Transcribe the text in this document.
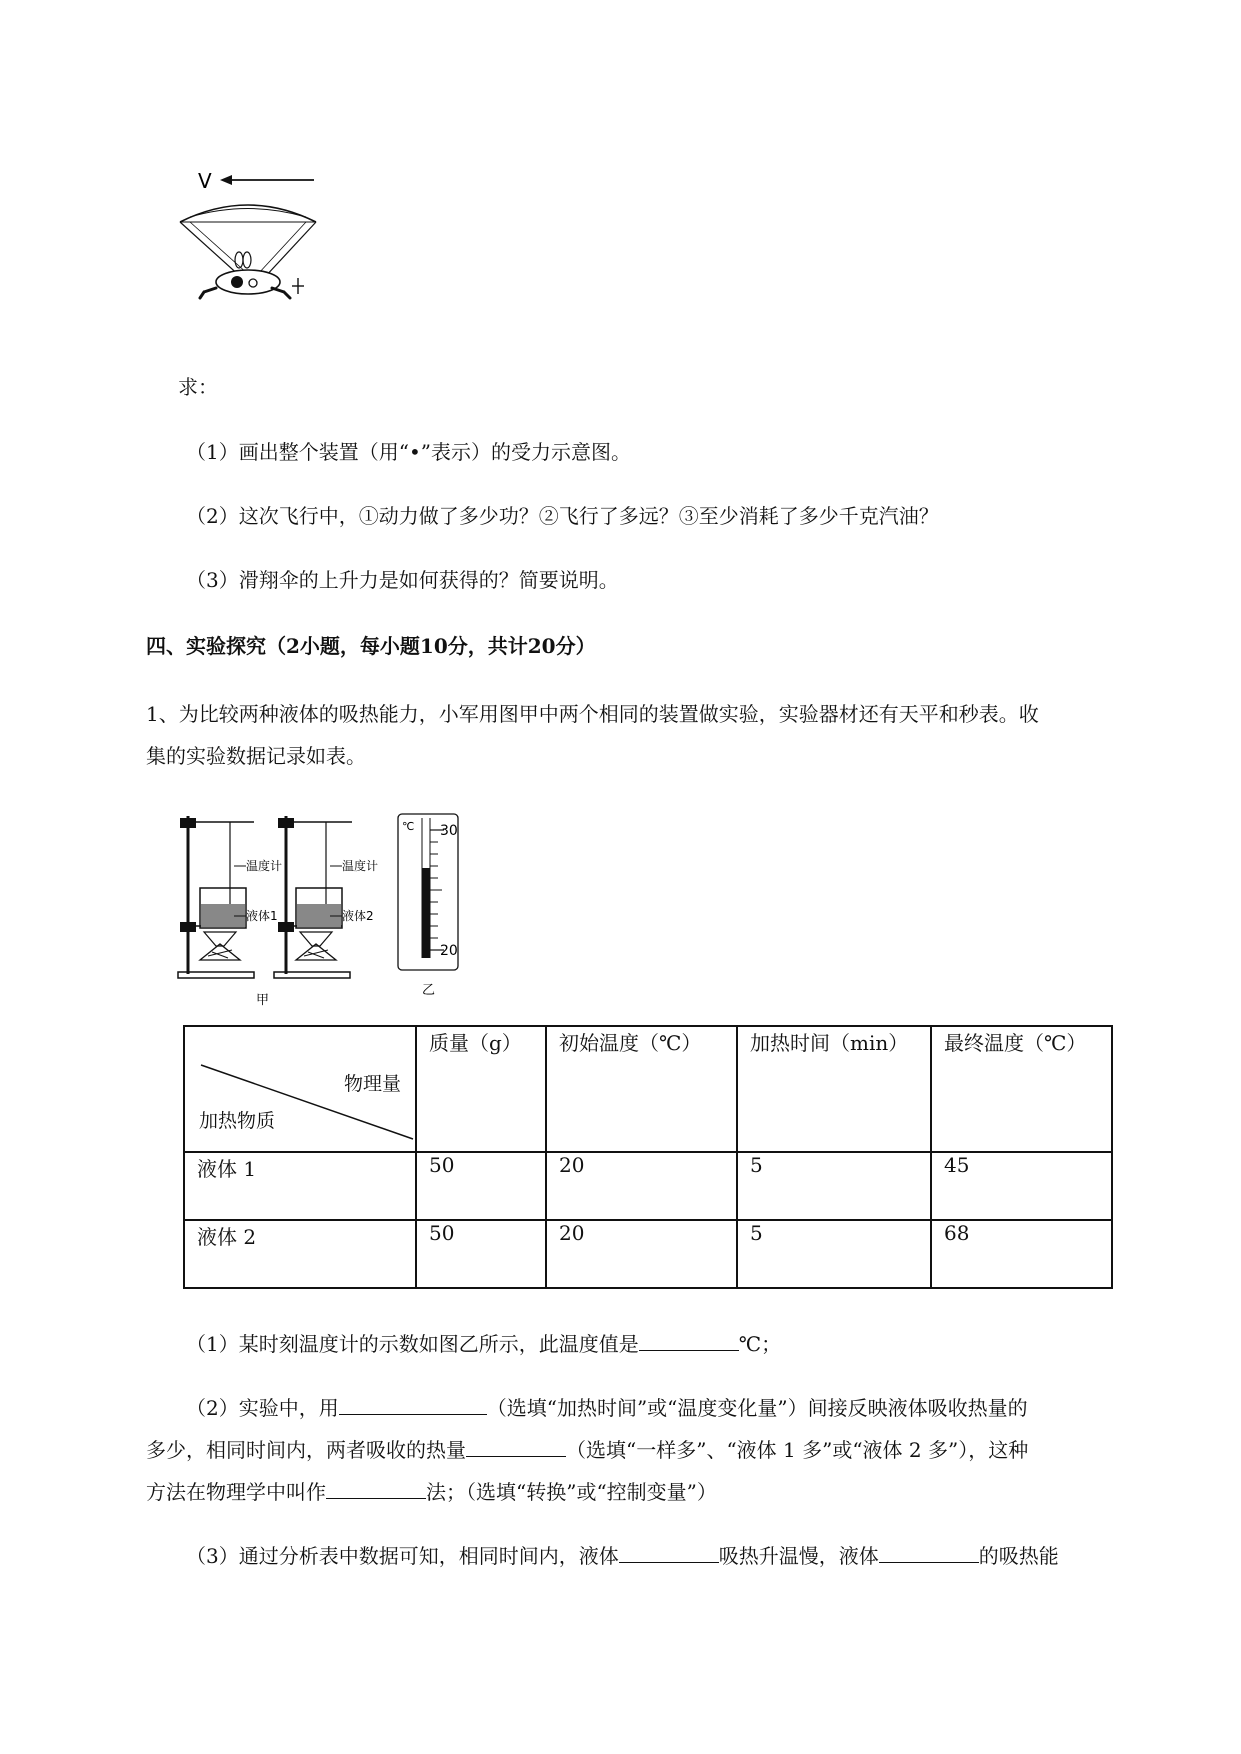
V
求：
（1）画出整个装置（用“•”表示）的受力示意图。
（2）这次飞行中，①动力做了多少功？②飞行了多远？③至少消耗了多少千克汽油？
（3）滑翔伞的上升力是如何获得的？简要说明。
四、实验探究（2小题，每小题10分，共计20分）
1、为比较两种液体的吸热能力，小军用图甲中两个相同的装置做实验，实验器材还有天平和秒表。收
集的实验数据记录如表。
温度计
液体1
温度计
液体2
甲
℃ 30
20
乙
物理量
加热物质	质量（g）	初始温度（℃）	加热时间（min）	最终温度（℃）
液体 1	50	20	5	45
液体 2	50	20	5	68
（1）某时刻温度计的示数如图乙所示，此温度值是	℃；
（2）实验中，用	（选填“加热时间”或“温度变化量”）间接反映液体吸收热量的
多少，相同时间内，两者吸收的热量	（选填“一样多”、“液体 1 多”或“液体 2 多”），这种
方法在物理学中叫作	法；（选填“转换”或“控制变量”）
（3）通过分析表中数据可知，相同时间内，液体	吸热升温慢，液体	的吸热能
